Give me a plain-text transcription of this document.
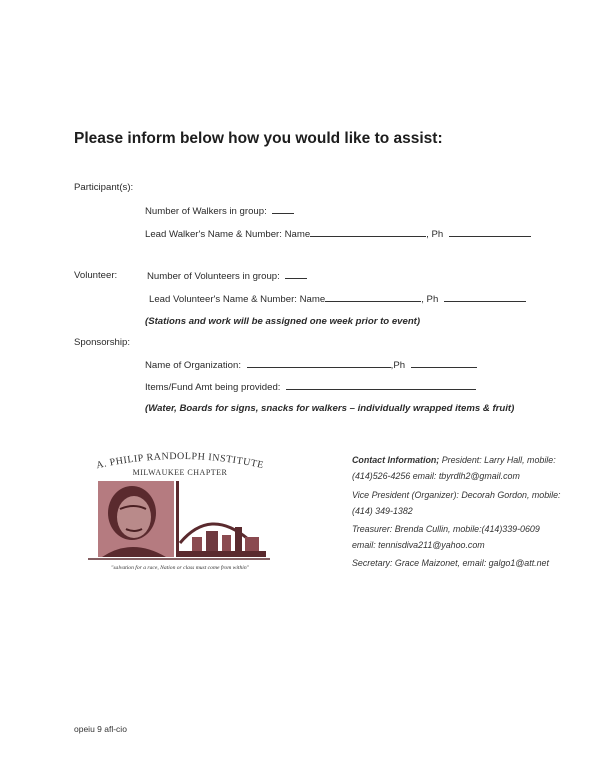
Please inform below how you would like to assist:
Participant(s):
Number of Walkers in group:
Lead Walker's Name & Number: Name	, Ph
Volunteer:	Number of Volunteers in group:
Lead Volunteer's Name & Number: Name	, Ph
(Stations and work will be assigned one week prior to event)
Sponsorship:
Name of Organization:	,Ph
Items/Fund Amt being provided:
(Water, Boards for signs, snacks for walkers – individually wrapped items & fruit)
A. PHILIP RANDOLPH INSTITUTE
MILWAUKEE CHAPTER
"salvation for a race, Nation or class must come from within"
Contact Information; President: Larry Hall, mobile: (414)526-4256 email: tbyrdlh2@gmail.com
Vice President (Organizer): Decorah Gordon, mobile:(414) 349-1382
Treasurer: Brenda Cullin, mobile:(414)339-0609 email: tennisdiva211@yahoo.com
Secretary: Grace Maizonet, email: galgo1@att.net
opeiu 9 afl-cio
